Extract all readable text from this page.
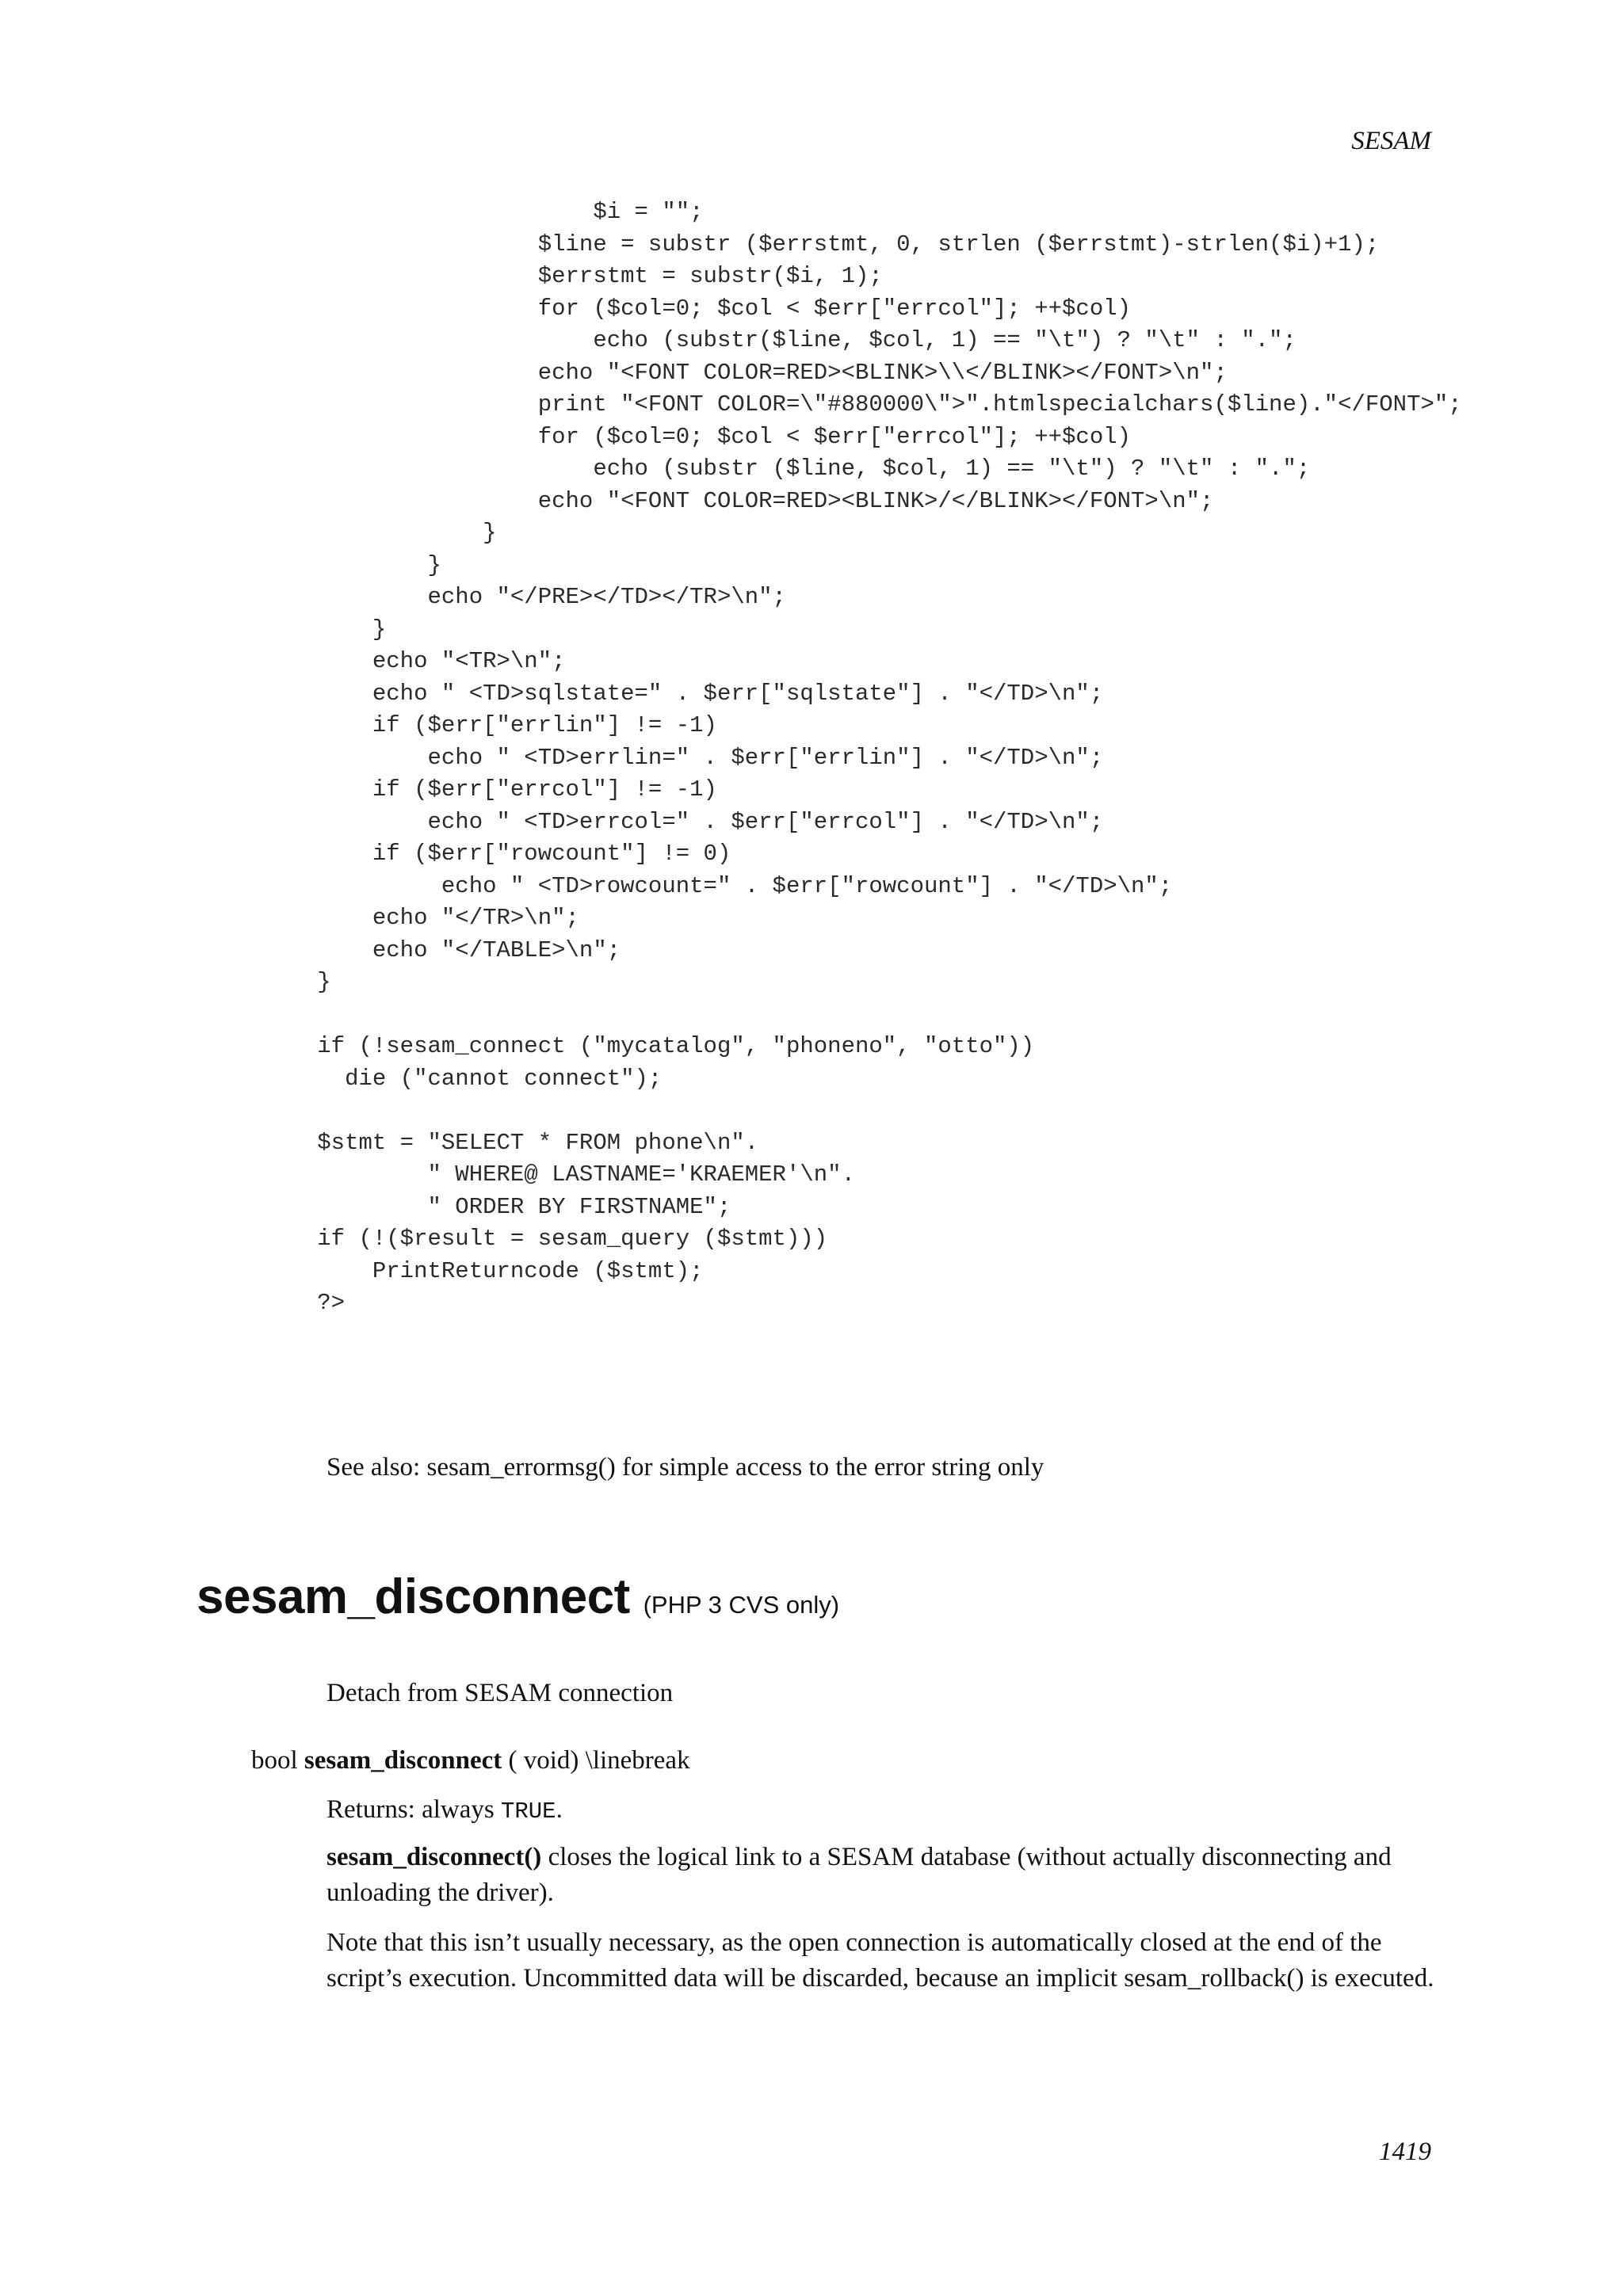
SESAM
$i = "";
$line = substr ($errstmt, 0, strlen ($errstmt)-strlen($i)+1);
$errstmt = substr($i, 1);
for ($col=0; $col < $err["errcol"]; ++$col)
echo (substr($line, $col, 1) == "\t") ? "\t" : ".";
echo "<FONT COLOR=RED><BLINK>\\</BLINK></FONT>\n";
print "<FONT COLOR=\"#880000\">".htmlspecialchars($line)."</FONT>";
for ($col=0; $col < $err["errcol"]; ++$col)
echo (substr ($line, $col, 1) == "\t") ? "\t" : ".";
echo "<FONT COLOR=RED><BLINK>/</BLINK></FONT>\n";
}
}
echo "</PRE></TD></TR>\n";
}
echo "<TR>\n";
echo " <TD>sqlstate=" . $err["sqlstate"] . "</TD>\n";
if ($err["errlin"] != -1)
echo " <TD>errlin=" . $err["errlin"] . "</TD>\n";
if ($err["errcol"] != -1)
echo " <TD>errcol=" . $err["errcol"] . "</TD>\n";
if ($err["rowcount"] != 0)
echo " <TD>rowcount=" . $err["rowcount"] . "</TD>\n";
echo "</TR>\n";
echo "</TABLE>\n";
}

if (!sesam_connect ("mycatalog", "phoneno", "otto"))
die ("cannot connect");

$stmt = "SELECT * FROM phone\n".
" WHERE@ LASTNAME='KRAEMER'\n".
" ORDER BY FIRSTNAME";
if (!($result = sesam_query ($stmt)))
PrintReturncode ($stmt);
?>

See also: sesam_errormsg() for simple access to the error string only

sesam_disconnect (PHP 3 CVS only)

Detach from SESAM connection

bool sesam_disconnect ( void) \linebreak

Returns: always TRUE.

sesam_disconnect() closes the logical link to a SESAM database (without actually disconnecting and unloading the driver).

Note that this isn’t usually necessary, as the open connection is automatically closed at the end of the script’s execution. Uncommitted data will be discarded, because an implicit sesam_rollback() is executed.

1419
